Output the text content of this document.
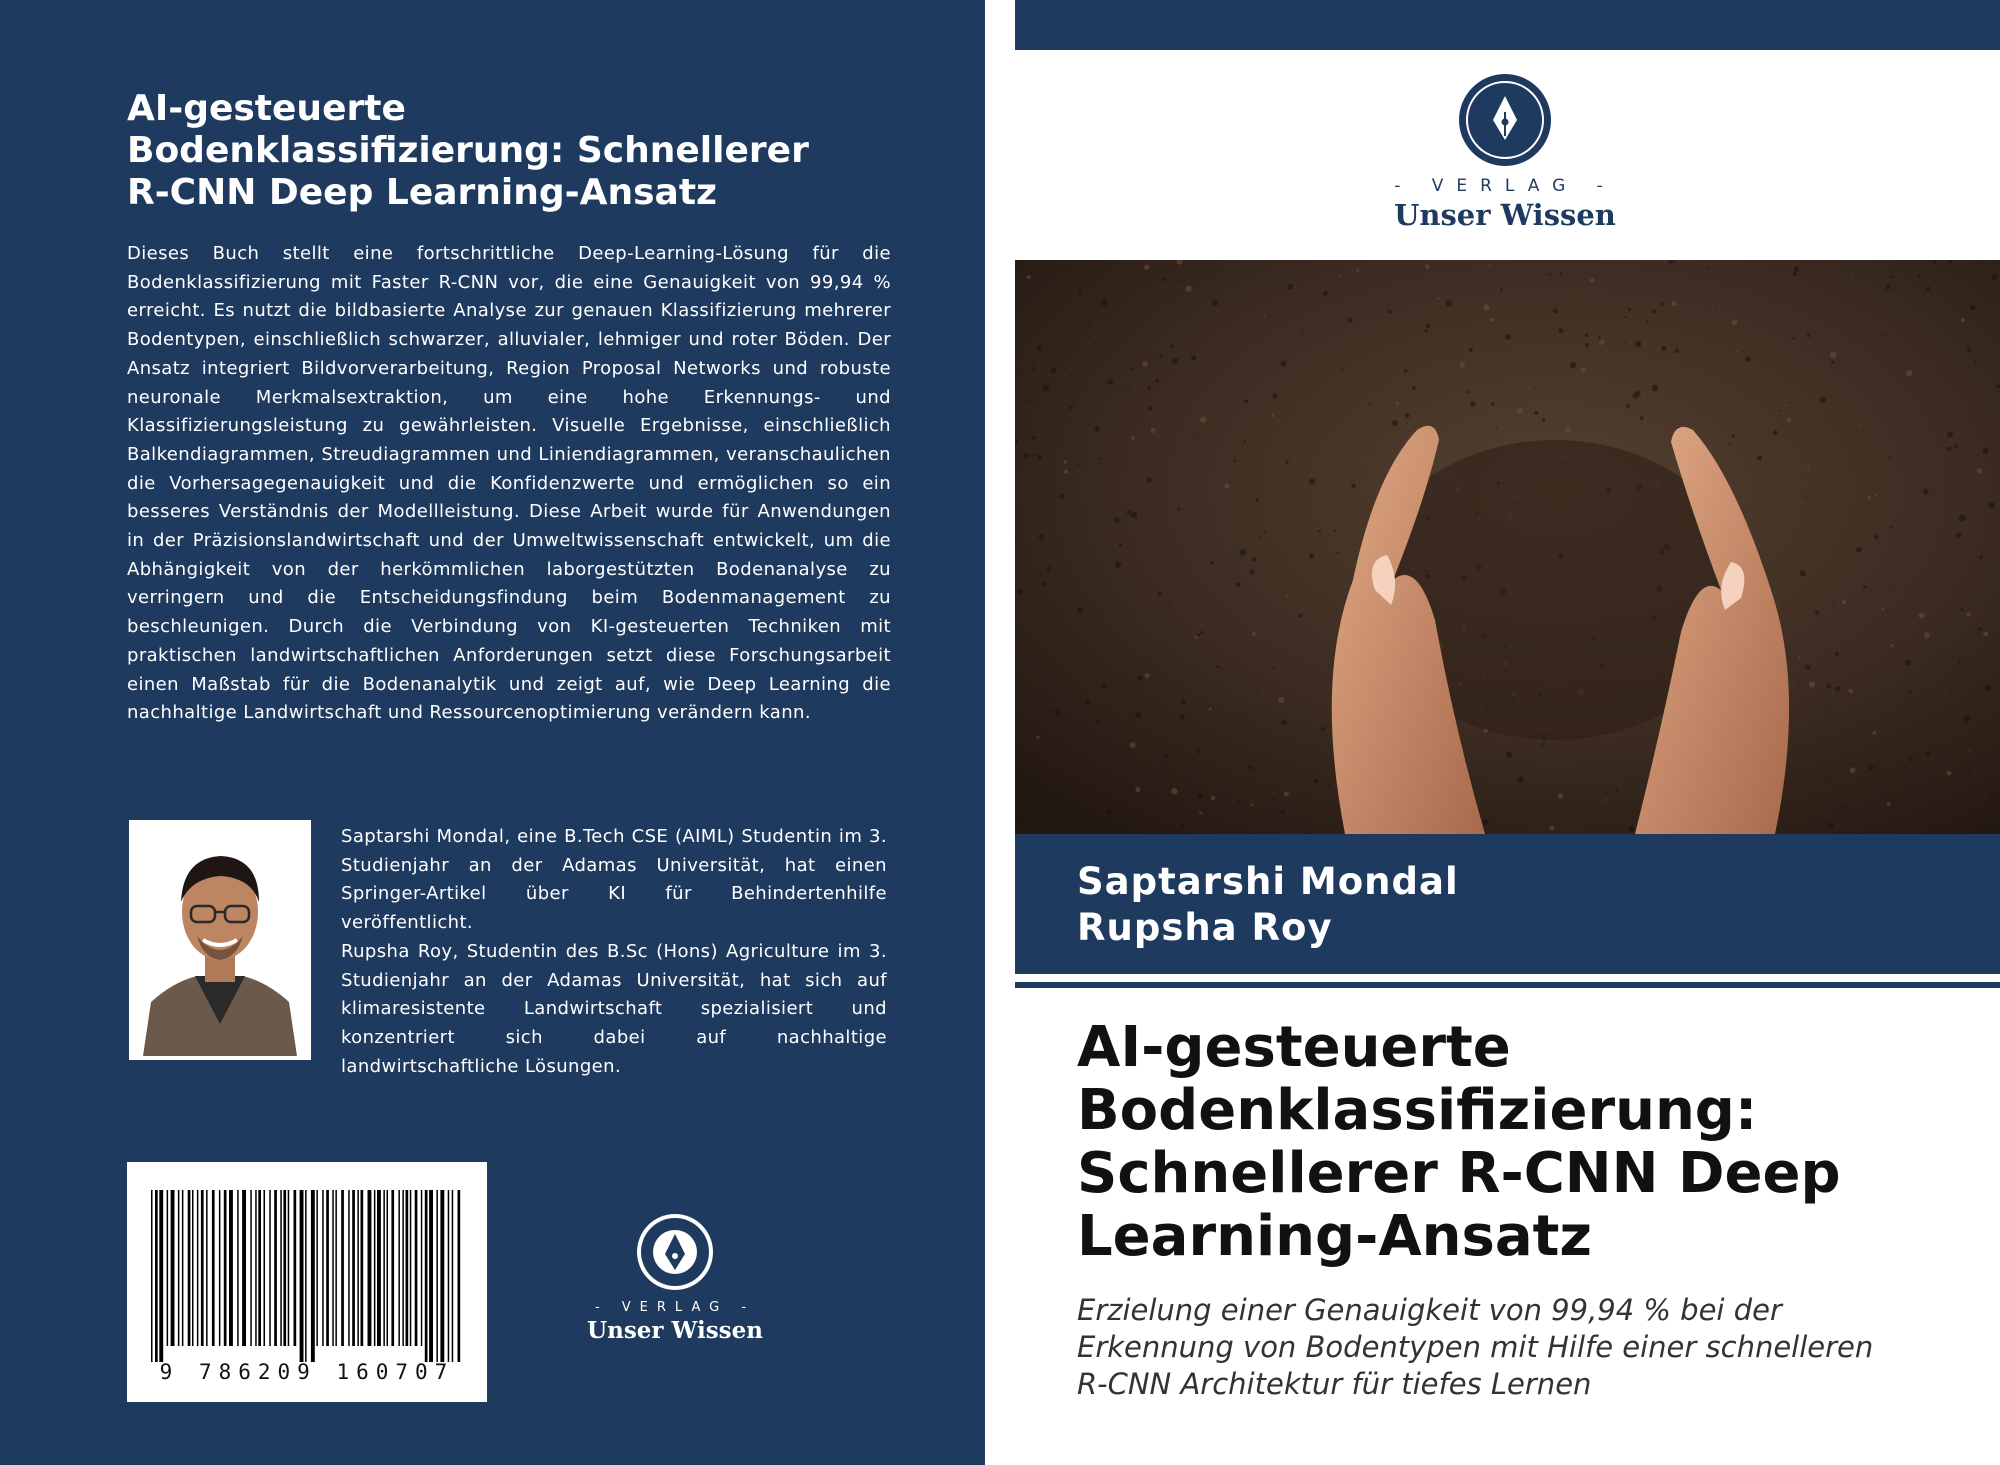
AI-gesteuerte
Bodenklassifizierung: Schnellerer
R-CNN Deep Learning-Ansatz

Dieses Buch stellt eine fortschrittliche Deep-Learning-Lösung für die Bodenklassifizierung mit Faster R-CNN vor, die eine Genauigkeit von 99,94 % erreicht. Es nutzt die bildbasierte Analyse zur genauen Klassifizierung mehrerer Bodentypen, einschließlich schwarzer, alluvialer, lehmiger und roter Böden. Der Ansatz integriert Bildvorverarbeitung, Region Proposal Networks und robuste neuronale Merkmalsextraktion, um eine hohe Erkennungs- und Klassifizierungsleistung zu gewährleisten. Visuelle Ergebnisse, einschließlich Balkendiagrammen, Streudiagrammen und Liniendiagrammen, veranschaulichen die Vorhersagegenauigkeit und die Konfidenzwerte und ermöglichen so ein besseres Verständnis der Modellleistung. Diese Arbeit wurde für Anwendungen in der Präzisionslandwirtschaft und der Umweltwissenschaft entwickelt, um die Abhängigkeit von der herkömmlichen laborgestützten Bodenanalyse zu verringern und die Entscheidungsfindung beim Bodenmanagement zu beschleunigen. Durch die Verbindung von KI-gesteuerten Techniken mit praktischen landwirtschaftlichen Anforderungen setzt diese Forschungsarbeit einen Maßstab für die Bodenanalytik und zeigt auf, wie Deep Learning die nachhaltige Landwirtschaft und Ressourcenoptimierung verändern kann.

Saptarshi Mondal, eine B.Tech CSE (AIML) Studentin im 3. Studienjahr an der Adamas Universität, hat einen Springer-Artikel über KI für Behindertenhilfe veröffentlicht.

Rupsha Roy, Studentin des B.Sc (Hons) Agriculture im 3. Studienjahr an der Adamas Universität, hat sich auf klimaresistente Landwirtschaft spezialisiert und konzentriert sich dabei auf nachhaltige landwirtschaftliche Lösungen.

9 786209 160707
- VERLAG -
Unser Wissen
- VERLAG -
Unser Wissen
Saptarshi Mondal
Rupsha Roy
AI-gesteuerte
Bodenklassifizierung:
Schnellerer R-CNN Deep
Learning-Ansatz

Erzielung einer Genauigkeit von 99,94 % bei der
Erkennung von Bodentypen mit Hilfe einer schnelleren
R-CNN Architektur für tiefes Lernen
